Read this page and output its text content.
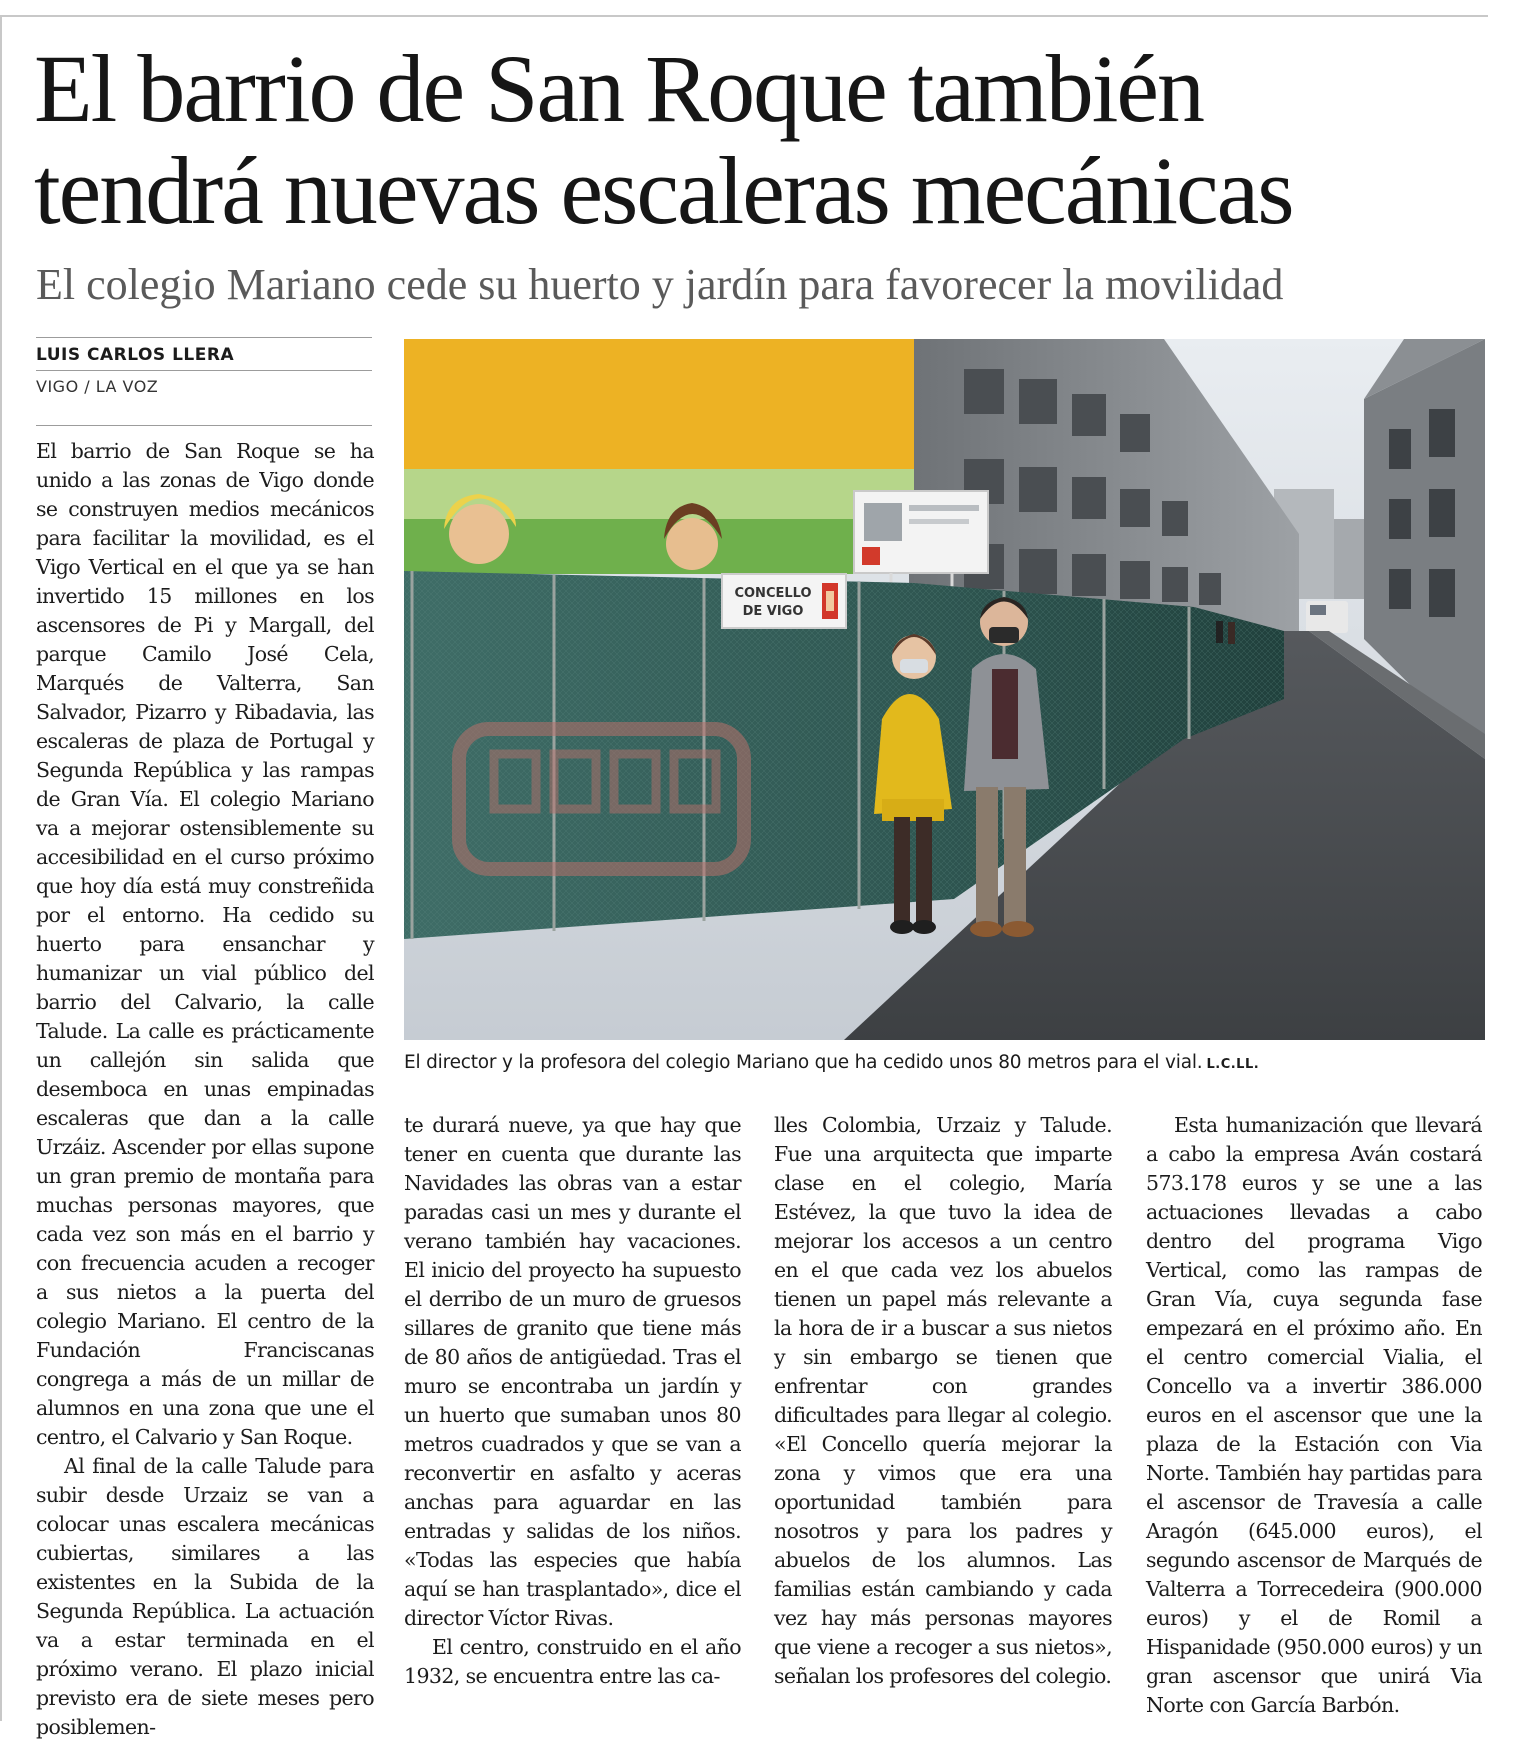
El barrio de San Roque también
tendrá nuevas escaleras mecánicas
El colegio Mariano cede su huerto y jardín para favorecer la movilidad
LUIS CARLOS LLERA
VIGO / LA VOZ

El barrio de San Roque se ha unido a las zonas de Vigo donde se construyen medios mecánicos para facilitar la movilidad, es el Vigo Vertical en el que ya se han invertido 15 millones en los ascensores de Pi y Margall, del parque Camilo José Cela, Marqués de Valterra, San Salvador, Pizarro y Ribadavia, las escaleras de plaza de Portugal y Segunda República y las rampas de Gran Vía. El colegio Mariano va a mejorar ostensiblemente su accesibilidad en el curso próximo que hoy día está muy constreñida por el entorno. Ha cedido su huerto para ensanchar y humanizar un vial público del barrio del Calvario, la calle Talude. La calle es prácticamente un callejón sin salida que desemboca en unas empinadas escaleras que dan a la calle Urzáiz. Ascender por ellas supone un gran premio de montaña para muchas personas mayores, que cada vez son más en el barrio y con frecuencia acuden a recoger a sus nietos a la puerta del colegio Mariano. El centro de la Fundación Franciscanas congrega a más de un millar de alumnos en una zona que une el centro, el Calvario y San Roque.

Al final de la calle Talude para subir desde Urzaiz se van a colocar unas escalera mecánicas cubiertas, similares a las existentes en la Subida de la Segunda República. La actuación va a estar terminada en el próximo verano. El plazo inicial previsto era de siete meses pero posiblemen-

te durará nueve, ya que hay que tener en cuenta que durante las Navidades las obras van a estar paradas casi un mes y durante el verano también hay vacaciones. El inicio del proyecto ha supuesto el derribo de un muro de gruesos sillares de granito que tiene más de 80 años de antigüedad. Tras el muro se encontraba un jardín y un huerto que sumaban unos 80 metros cuadrados y que se van a reconvertir en asfalto y aceras anchas para aguardar en las entradas y salidas de los niños. «Todas las especies que había aquí se han trasplantado», dice el director Víctor Rivas.

El centro, construido en el año 1932, se encuentra entre las ca-

lles Colombia, Urzaiz y Talude. Fue una arquitecta que imparte clase en el colegio, María Estévez, la que tuvo la idea de mejorar los accesos a un centro en el que cada vez los abuelos tienen un papel más relevante a la hora de ir a buscar a sus nietos y sin embargo se tienen que enfrentar con grandes dificultades para llegar al colegio. «El Concello quería mejorar la zona y vimos que era una oportunidad también para nosotros y para los padres y abuelos de los alumnos. Las familias están cambiando y cada vez hay más personas mayores que viene a recoger a sus nietos», señalan los profesores del colegio.

Esta humanización que llevará a cabo la empresa Aván costará 573.178 euros y se une a las actuaciones llevadas a cabo dentro del programa Vigo Vertical, como las rampas de Gran Vía, cuya segunda fase empezará en el próximo año. En el centro comercial Vialia, el Concello va a invertir 386.000 euros en el ascensor que une la plaza de la Estación con Via Norte. También hay partidas para el ascensor de Travesía a calle Aragón (645.000 euros), el segundo ascensor de Marqués de Valterra a Torrecedeira (900.000 euros) y el de Romil a Hispanidade (950.000 euros) y un gran ascensor que unirá Via Norte con García Barbón.

CONCELLO
DE VIGO
El director y la profesora del colegio Mariano que ha cedido unos 80 metros para el vial. L.C.LL.
